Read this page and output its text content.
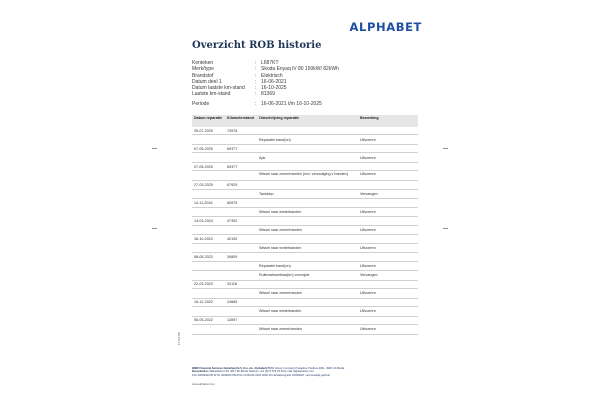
ALPHABET
Overzicht ROB historie
Kenteken	: L687KT
Merk/type	: Skoda Enyaq iV 80 150kW/ 82kWh
Brandstof	: Elektrisch
Datum deel 1	: 16-06-2021
Datum laatste km-stand	: 16-10-2025
Laatste km-stand	: 81369
Periode	: 16-06-2021 t/m 16-10-2025
Datum reparatie	Kilometerstand	Omschrijving reparatie	Bewerking
25-07-2025	73978
Reparatie band(en)	Uitvoeren
07-05-2025	69377
Apk	Uitvoeren
07-05-2025	69377
Wissel naar zomerbanden (incl. verzadiging v banden)	Uitvoeren
27-03-2025	67929
Tankklep	Vervangen
14-11-2024	60975
Wissel naar winterbanden	Uitvoeren
14-03-2024	47352
Wissel naar zomerbanden	Uitvoeren
16-10-2023	42105
Wissel naar winterbanden	Uitvoeren
08-05-2023	39809
Reparatie band(en)	Uitvoeren
Ruitenwisserblad(en) voorzijde	Vervangen
22-03-2023	33118
Wissel naar zomerbanden	Uitvoeren
16-12-2022	24685
Wissel naar winterbanden	Uitvoeren
06-05-2022	12897
Wissel naar zomerbanden	Uitvoeren
BMW Financial Services Nederland B.V. (h.o.d.n. Alphabet) BMW Group Company Postadres Postbus 4001, 4900 CA Breda
Bezoekadres Takkebijsters 55, 4817 BL Breda Telefoon +31 (0)76 579 33 00 E-mail nl@alphabet.com
KvK 20099920 BTW NL 0099920 IBAN NL 00 BANK 0000 0000 00 Handelsregister 20099920, vertrouwelijk gebruik
www.alphabet.com
17.6.0.08
